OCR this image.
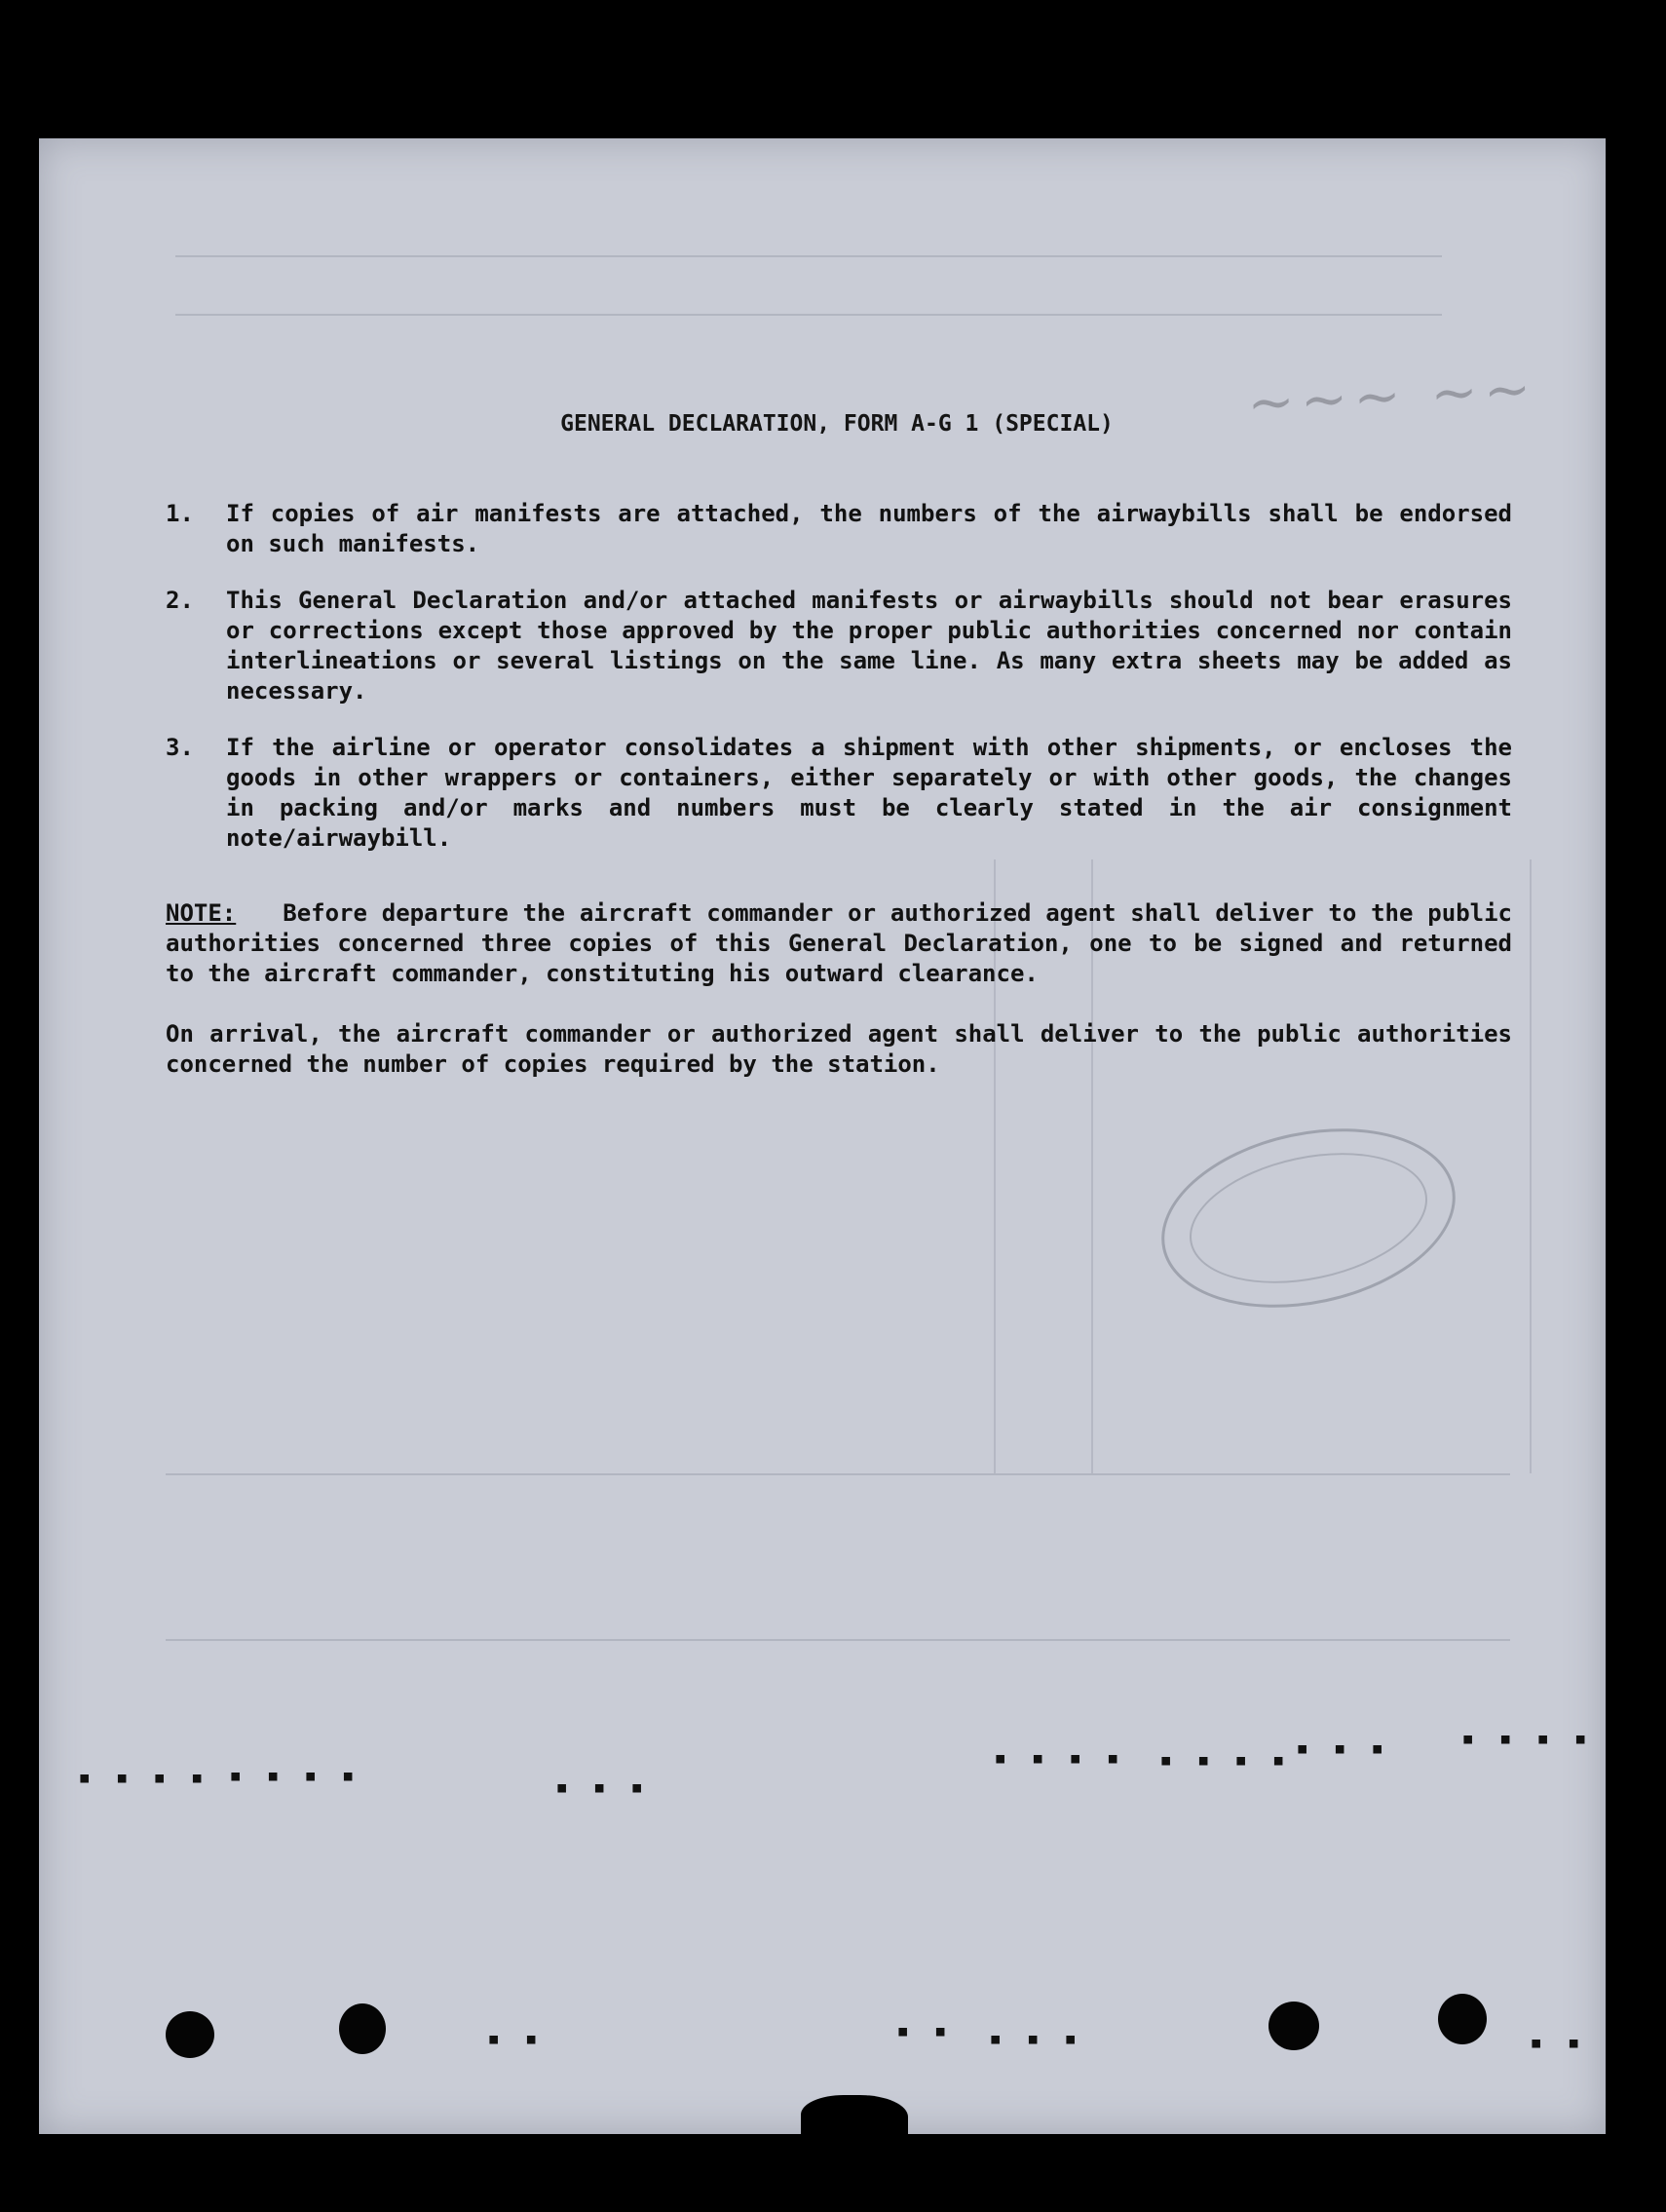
~~~ ~~
GENERAL DECLARATION, FORM A-G 1 (SPECIAL)
1.	If copies of air manifests are attached, the numbers of the airwaybills shall be endorsed on such manifests.
2.	This General Declaration and/or attached manifests or airwaybills should not bear erasures or corrections except those approved by the proper public authorities concerned nor contain interlineations or several listings on the same line. As many extra sheets may be added as necessary.
3.	If the airline or operator consolidates a shipment with other shipments, or encloses the goods in other wrappers or containers, either separately or with other goods, the changes in packing and/or marks and numbers must be clearly stated in the air consignment note/airwaybill.
NOTE: Before departure the aircraft commander or authorized agent shall deliver to the public authorities concerned three copies of this General Declaration, one to be signed and returned to the aircraft commander, constituting his outward clearance.
On arrival, the aircraft commander or authorized agent shall deliver to the public authorities concerned the number of copies required by the station.
▪ ▪ ▪ ▪ ▪ ▪ ▪ ▪	▪ ▪ ▪
▪ ▪ ▪ ▪ ▪ ▪ ▪ ▪ ▪ ▪ ▪	▪ ▪ ▪ ▪
▪ ▪	▪ ▪ ▪ ▪ ▪	▪ ▪
